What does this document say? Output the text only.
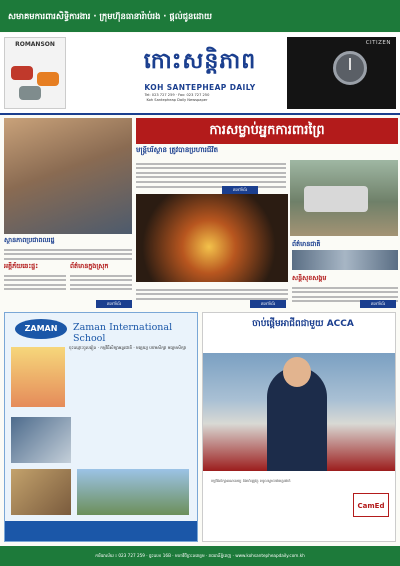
សមាគមការពារសិទ្ធិការងារ · ក្រុមហ៊ុនធានារ៉ាប់រង · ផ្ដល់ជូនដោយ
ROMANSON
កោះសន្តិភាព
KOH SANTEPHEAP DAILY
Tel: 023 727 259 · Fax: 023 727 250
Koh Santepheap Daily Newspaper
CITIZEN
ការសម្លាប់អ្នកការពារព្រៃ
មន្ត្រីបរិស្ថាន ត្រូវបានប្រហារជីវិត
តទៅទំព័រ
ស្ថានភាពប្រជាពលរដ្ឋ
អគ្គិភ័យឆេះផ្ទះ	ព័ត៌មានក្នុងស្រុក
ព័ត៌មានជាតិ
សន្តិសុខសង្គម
តទៅទំព័រ	តទៅទំព័រ	តទៅទំព័រ
ZAMAN	Zaman International School
ចុះឈ្មោះចូលរៀន · កម្មវិធីសិក្សាអន្តរជាតិ · មត្តេយ្យ បឋមសិក្សា មធ្យមសិក្សា
ចាប់ផ្ដើមអាជីពជាមួយ ACCA
កម្មវិធីសិក្សាគណនេយ្យ និងហិរញ្ញវត្ថុ ទទួលស្គាល់ជាអន្តរជាតិ
CamEd
ការិយាល័យ ៖ 023 727 259 · ផ្ទះលេខ 16B · មហាវិថីព្រះនរោត្ដម · រាជធានីភ្នំពេញ · www.kohsantepheapdaily.com.kh
